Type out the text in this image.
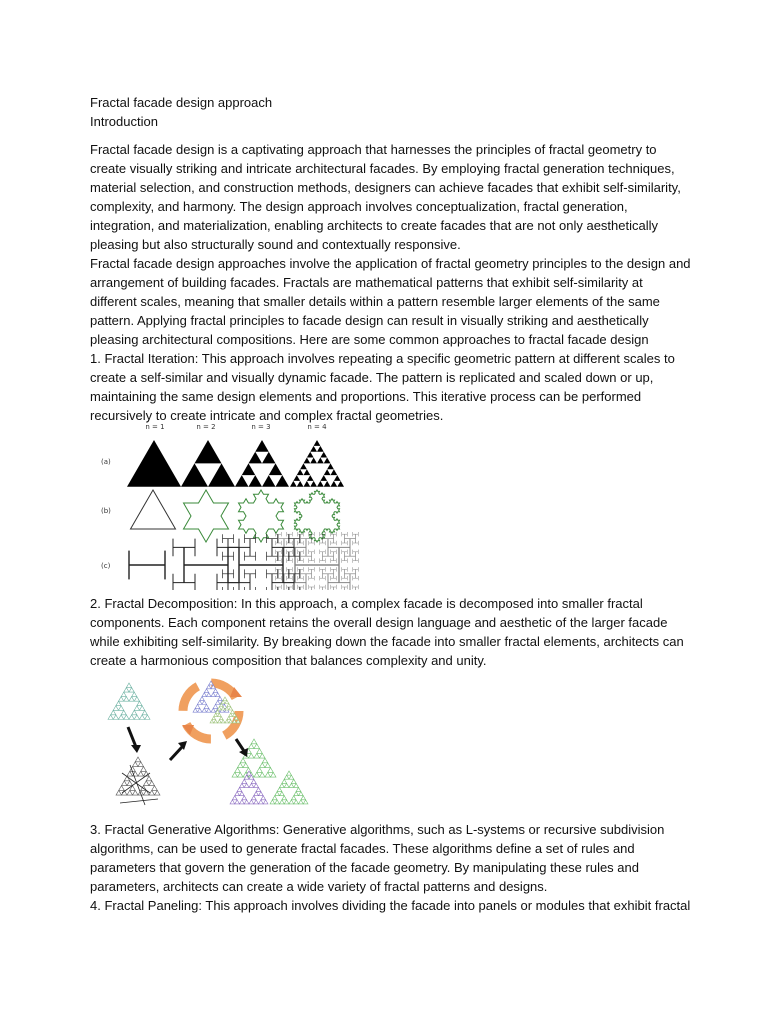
Fractal facade design approach
Introduction
Fractal facade design is a captivating approach that harnesses the principles of fractal geometry to
create visually striking and intricate architectural facades. By employing fractal generation techniques,
material selection, and construction methods, designers can achieve facades that exhibit self-similarity,
complexity, and harmony. The design approach involves conceptualization, fractal generation,
integration, and materialization, enabling architects to create facades that are not only aesthetically
pleasing but also structurally sound and contextually responsive.
Fractal facade design approaches involve the application of fractal geometry principles to the design and
arrangement of building facades. Fractals are mathematical patterns that exhibit self-similarity at
different scales, meaning that smaller details within a pattern resemble larger elements of the same
pattern. Applying fractal principles to facade design can result in visually striking and aesthetically
pleasing architectural compositions. Here are some common approaches to fractal facade design
1. Fractal Iteration: This approach involves repeating a specific geometric pattern at different scales to
create a self-similar and visually dynamic facade. The pattern is replicated and scaled down or up,
maintaining the same design elements and proportions. This iterative process can be performed
recursively to create intricate and complex fractal geometries.
n = 1	n = 2	n = 3	n = 4
(a)
(b)
(c)
2. Fractal Decomposition: In this approach, a complex facade is decomposed into smaller fractal
components. Each component retains the overall design language and aesthetic of the larger facade
while exhibiting self-similarity. By breaking down the facade into smaller fractal elements, architects can
create a harmonious composition that balances complexity and unity.
3. Fractal Generative Algorithms: Generative algorithms, such as L-systems or recursive subdivision
algorithms, can be used to generate fractal facades. These algorithms define a set of rules and
parameters that govern the generation of the facade geometry. By manipulating these rules and
parameters, architects can create a wide variety of fractal patterns and designs.
4. Fractal Paneling: This approach involves dividing the facade into panels or modules that exhibit fractal
